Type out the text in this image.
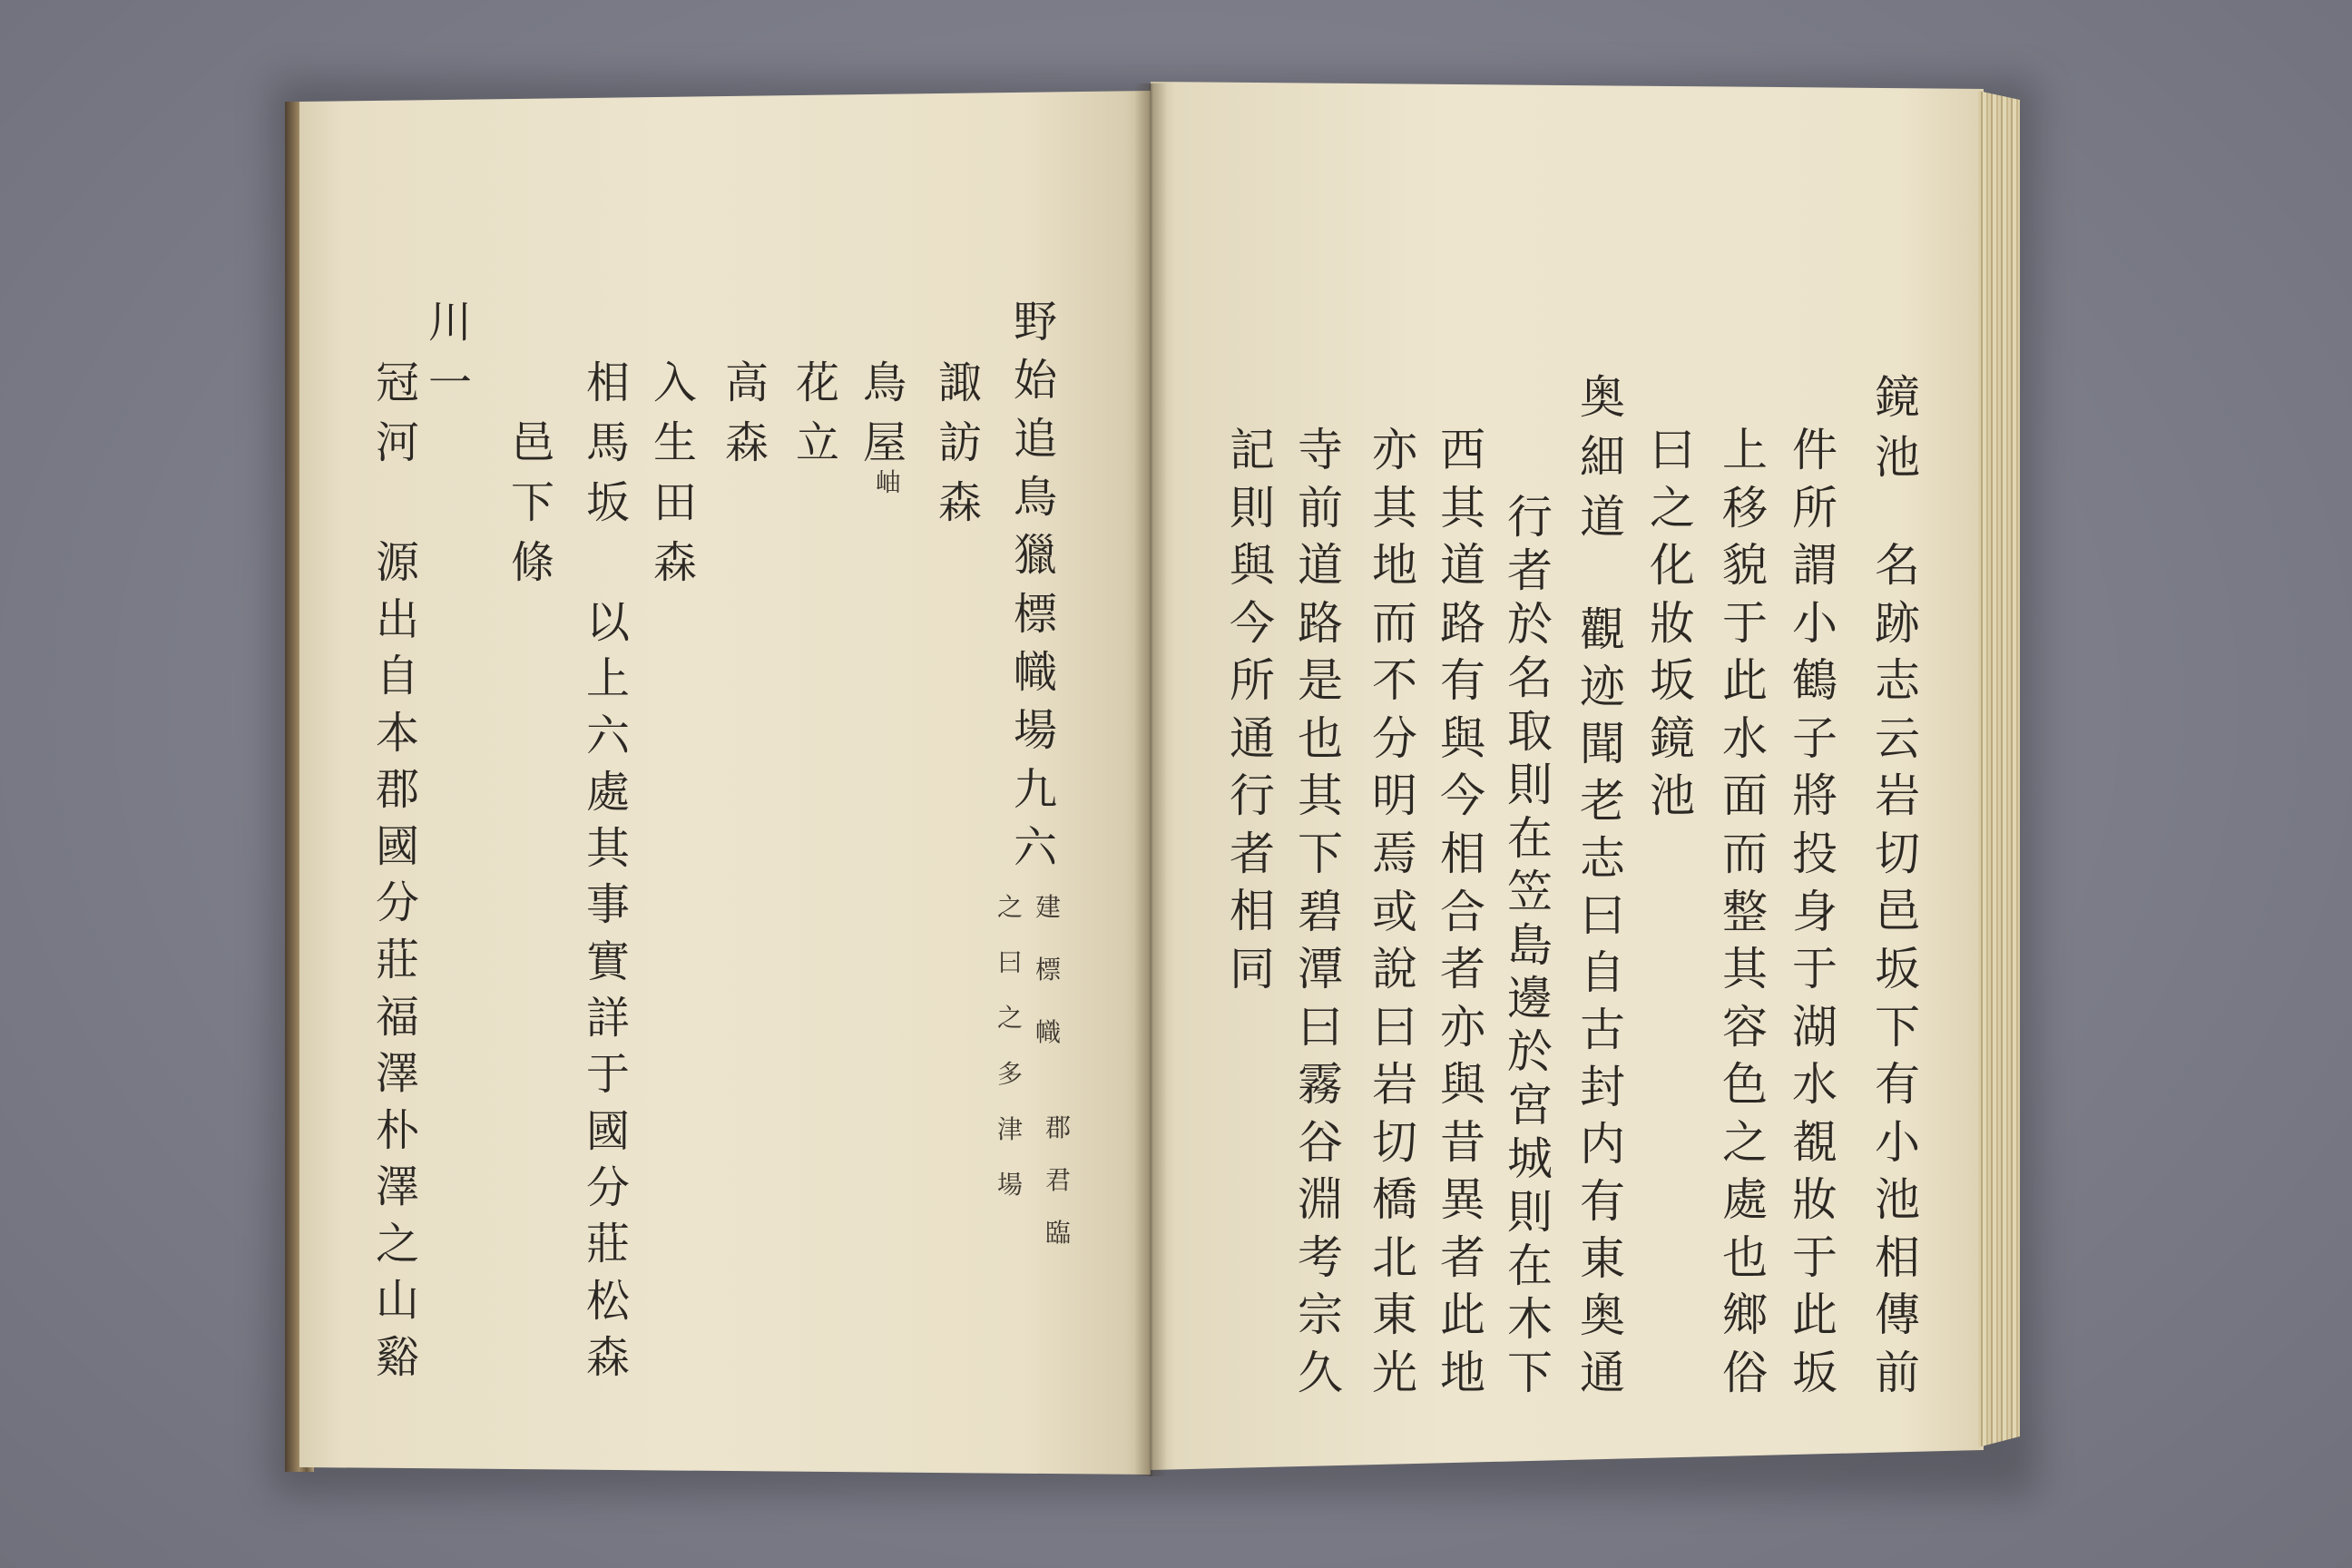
鏡
池
名
跡
志
云
岩
切
邑
坂
下
有
小
池
相
傳
前
件
所
謂
小
鶴
子
將
投
身
于
湖
水
覩
妝
于
此
坂
上
移
貌
于
此
水
面
而
整
其
容
色
之
處
也
鄉
俗
曰
之
化
妝
坂
鏡
池
奥
細
道
觀
迹
聞
老
志
曰
自
古
封
内
有
東
奥
通
行
者
於
名
取
則
在
笠
島
邊
於
宮
城
則
在
木
下
西
其
道
路
有
與
今
相
合
者
亦
與
昔
異
者
此
地
亦
其
地
而
不
分
明
焉
或
說
曰
岩
切
橋
北
東
光
寺
前
道
路
是
也
其
下
碧
潭
曰
霧
谷
淵
考
宗
久
記
則
與
今
所
通
行
者
相
同
野
始
追
鳥
獵
標
幟
場
九
六
建
標
幟
郡
君
臨
之
曰
之
多
津
場
諏
訪
森
鳥
屋
岫
花
立
高
森
入
生
田
森
相
馬
坂
以
上
六
處
其
事
實
詳
于
國
分
莊
松
森
邑
下
條
川
一
冠
河
源
出
自
本
郡
國
分
莊
福
澤
朴
澤
之
山
谿
